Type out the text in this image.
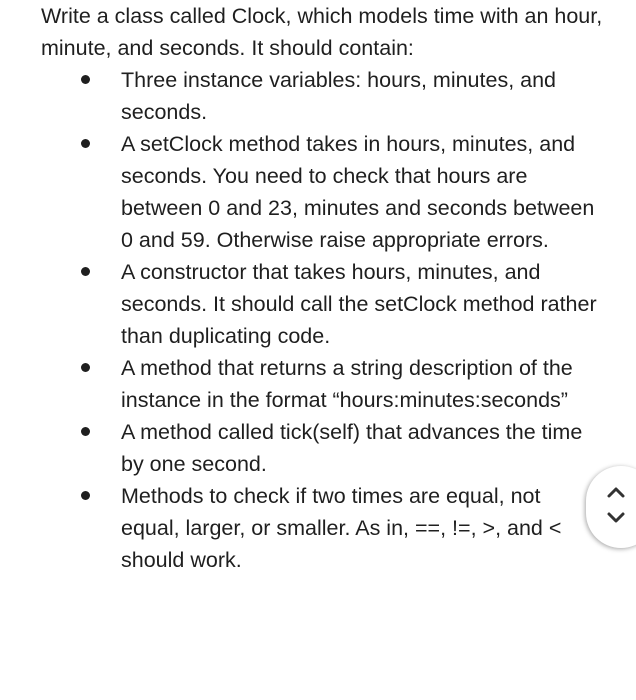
Write a class called Clock, which models time with an hour, minute, and seconds. It should contain:

Three instance variables: hours, minutes, and seconds.
A setClock method takes in hours, minutes, and seconds. You need to check that hours are between 0 and 23, minutes and seconds between 0 and 59. Otherwise raise appropriate errors.
A constructor that takes hours, minutes, and seconds. It should call the setClock method rather than duplicating code.
A method that returns a string description of the instance in the format “hours:minutes:seconds”
A method called tick(self) that advances the time by one second.
Methods to check if two times are equal, not equal, larger, or smaller. As in, ==, !=, >, and < should work.
